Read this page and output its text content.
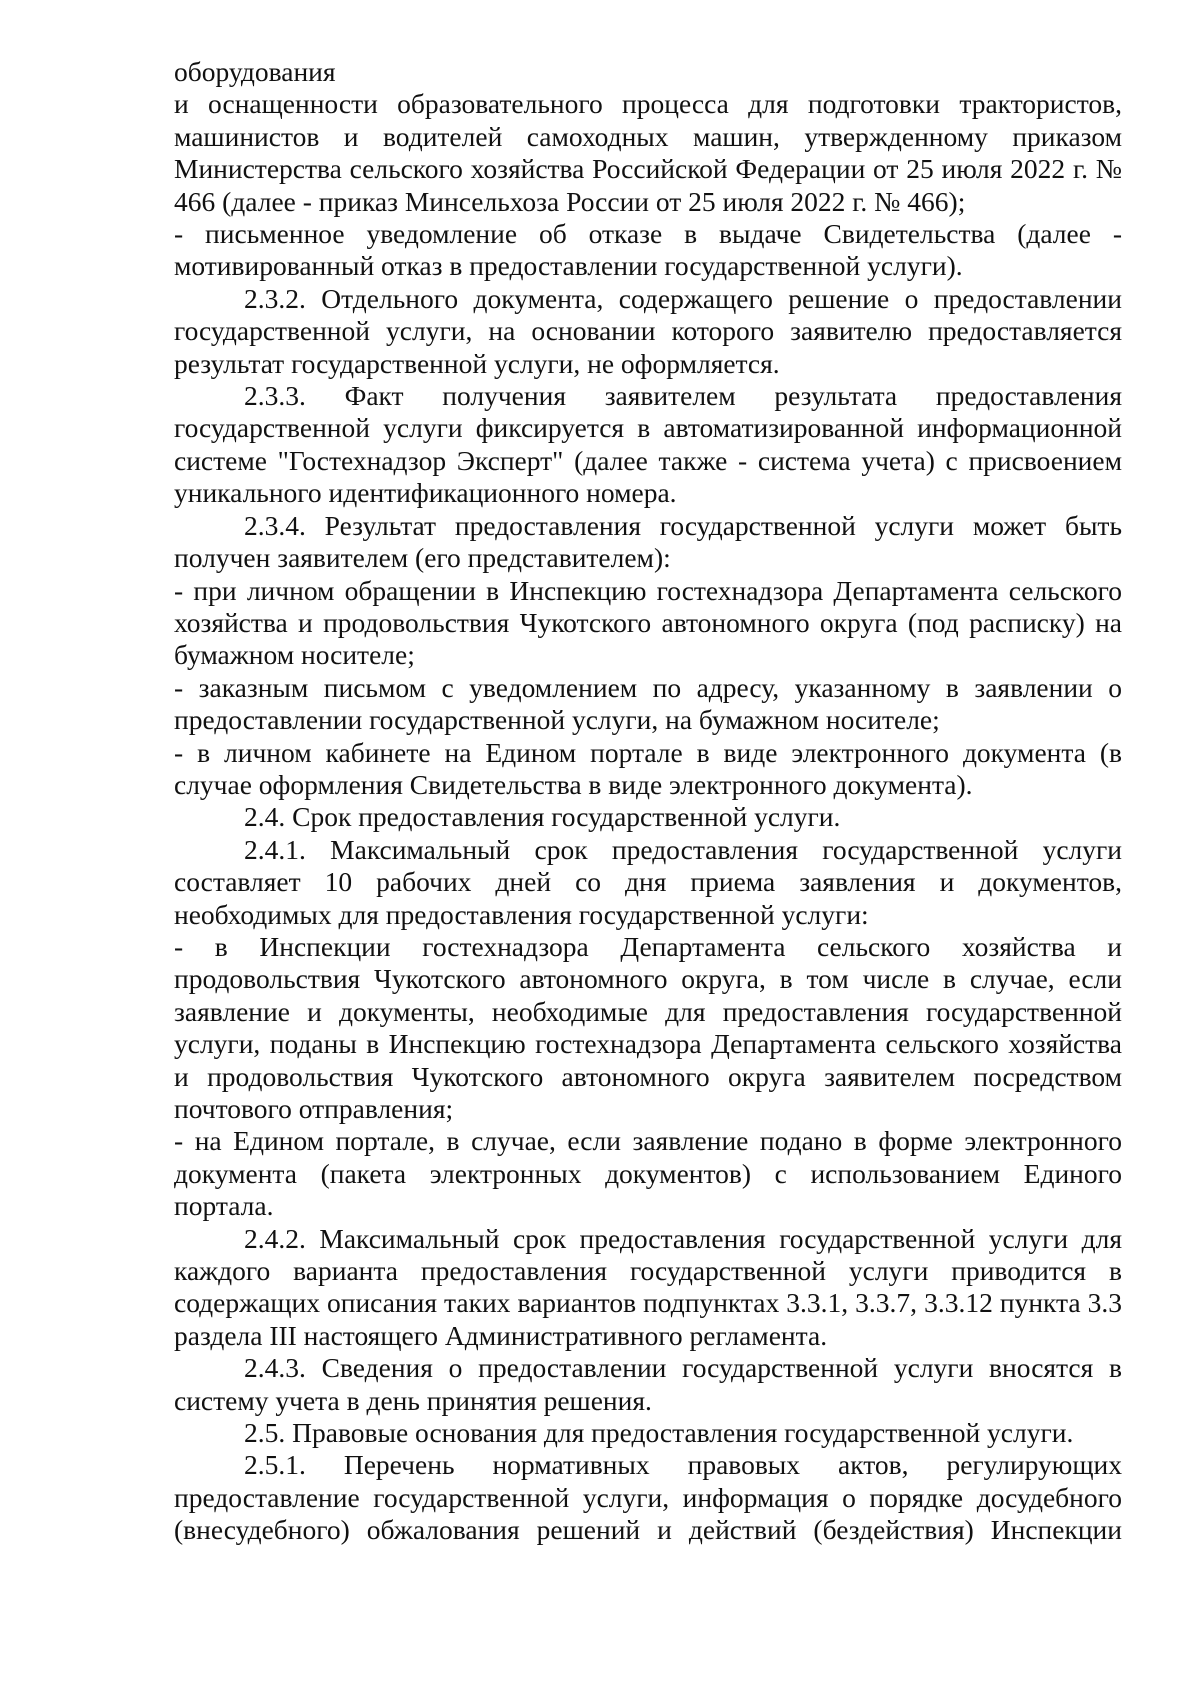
оборудования

и оснащенности образовательного процесса для подготовки трактористов, машинистов и водителей самоходных машин, утвержденному приказом Министерства сельского хозяйства Российской Федерации от 25 июля 2022 г. № 466 (далее - приказ Минсельхоза России от 25 июля 2022 г. № 466);

- письменное уведомление об отказе в выдаче Свидетельства (далее - мотивированный отказ в предоставлении государственной услуги).

2.3.2. Отдельного документа, содержащего решение о предоставлении государственной услуги, на основании которого заявителю предоставляется результат государственной услуги, не оформляется.

2.3.3. Факт получения заявителем результата предоставления государственной услуги фиксируется в автоматизированной информационной системе "Гостехнадзор Эксперт" (далее также - система учета) с присвоением уникального идентификационного номера.

2.3.4. Результат предоставления государственной услуги может быть получен заявителем (его представителем):

- при личном обращении в Инспекцию гостехнадзора Департамента сельского хозяйства и продовольствия Чукотского автономного округа (под расписку) на бумажном носителе;

- заказным письмом с уведомлением по адресу, указанному в заявлении о предоставлении государственной услуги, на бумажном носителе;

- в личном кабинете на Едином портале в виде электронного документа (в случае оформления Свидетельства в виде электронного документа).

2.4. Срок предоставления государственной услуги.

2.4.1. Максимальный срок предоставления государственной услуги составляет 10 рабочих дней со дня приема заявления и документов, необходимых для предоставления государственной услуги:

- в Инспекции гостехнадзора Департамента сельского хозяйства и продовольствия Чукотского автономного округа, в том числе в случае, если заявление и документы, необходимые для предоставления государственной услуги, поданы в Инспекцию гостехнадзора Департамента сельского хозяйства и продовольствия Чукотского автономного округа заявителем посредством почтового отправления;

- на Едином портале, в случае, если заявление подано в форме электронного документа (пакета электронных документов) с использованием Единого портала.

2.4.2. Максимальный срок предоставления государственной услуги для каждого варианта предоставления государственной услуги приводится в содержащих описания таких вариантов подпунктах 3.3.1, 3.3.7, 3.3.12 пункта 3.3 раздела III настоящего Административного регламента.

2.4.3. Сведения о предоставлении государственной услуги вносятся в систему учета в день принятия решения.

2.5. Правовые основания для предоставления государственной услуги.

2.5.1. Перечень нормативных правовых актов, регулирующих предоставление государственной услуги, информация о порядке досудебного (внесудебного) обжалования решений и действий (бездействия) Инспекции
